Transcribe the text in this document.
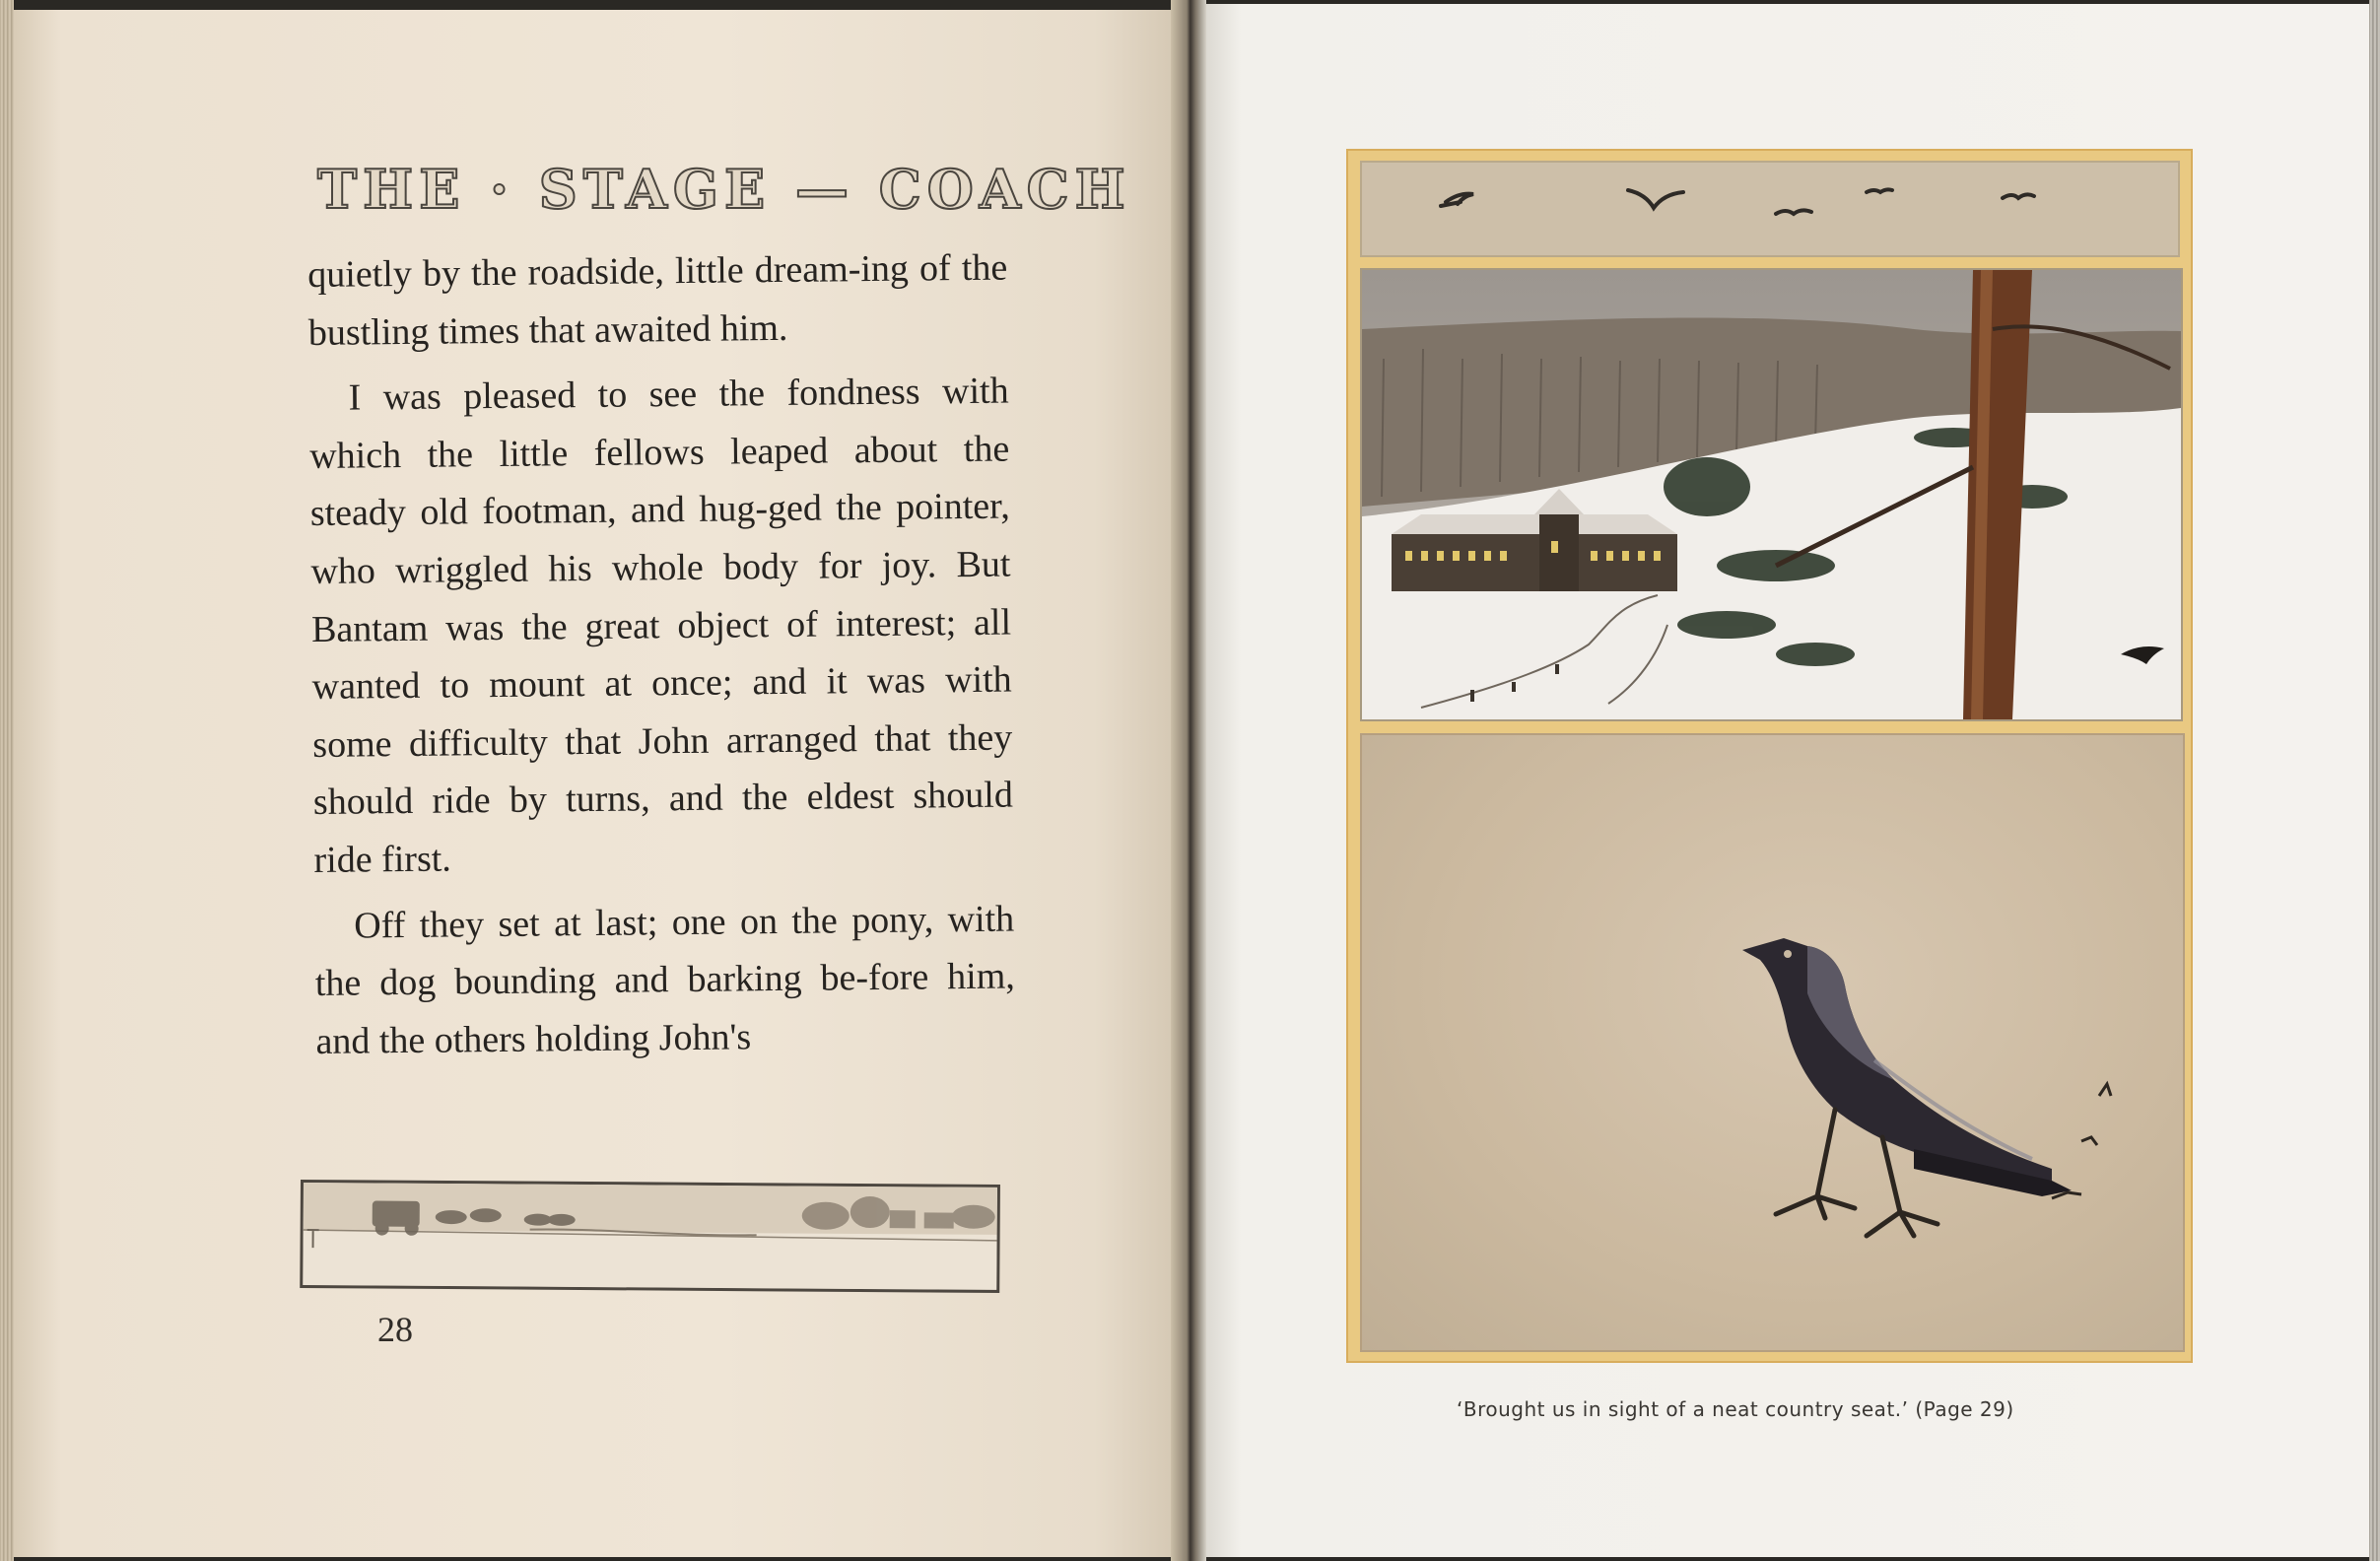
THE · STAGE — COACH

quietly by the roadside, little dream-ing of the bustling times that awaited him.

I was pleased to see the fondness with which the little fellows leaped about the steady old footman, and hug-ged the pointer, who wriggled his whole body for joy. But Bantam was the great object of interest; all wanted to mount at once; and it was with some difficulty that John arranged that they should ride by turns, and the eldest should ride first.

Off they set at last; one on the pony, with the dog bounding and barking be-fore him, and the others holding John's

28
‘Brought us in sight of a neat country seat.’ (Page 29)
